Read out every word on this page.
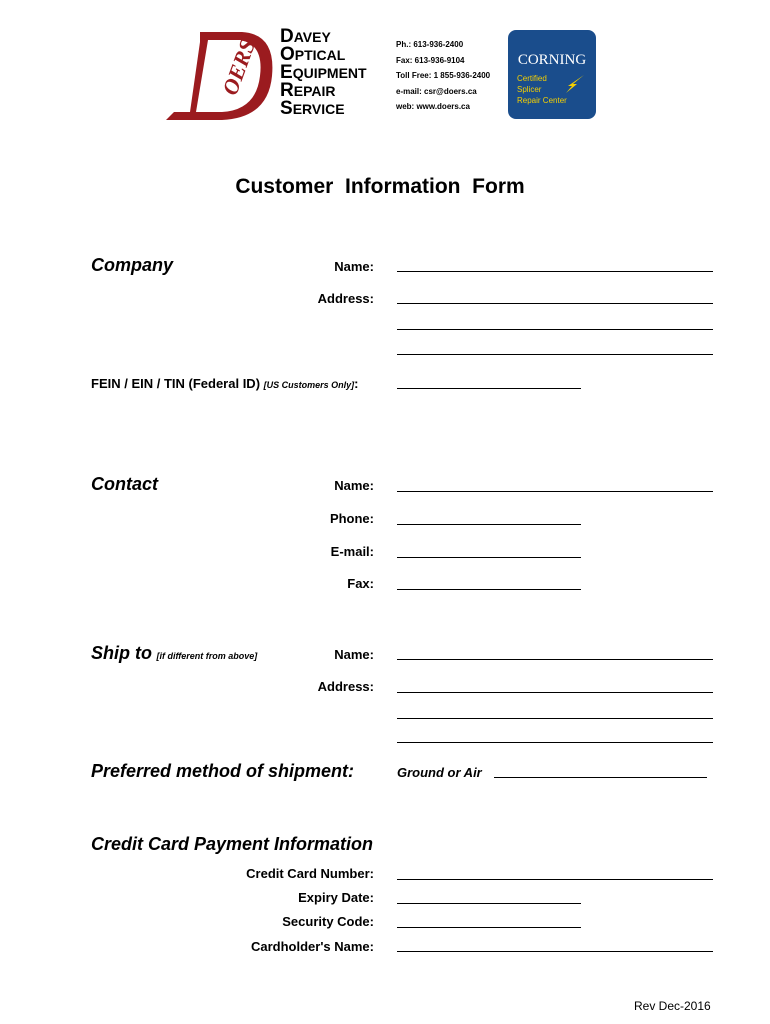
OERS DAVEY
OPTICAL
EQUIPMENT
REPAIR
SERVICE
Ph.: 613-936-2400
Fax: 613-936-9104
Toll Free: 1 855-936-2400
e-mail: csr@doers.ca
web: www.doers.ca
CORNING
Certified
Splicer
Repair Center
Customer  Information  Form
Company	Name:
Address:
FEIN / EIN / TIN (Federal ID) [US Customers Only]:
Contact	Name:
Phone:
E-mail:
Fax:
Ship to [if different from above]	Name:
Address:
Preferred method of shipment:	Ground or Air
Credit Card Payment Information
Credit Card Number:
Expiry Date:
Security Code:
Cardholder's Name:
Rev Dec-2016
